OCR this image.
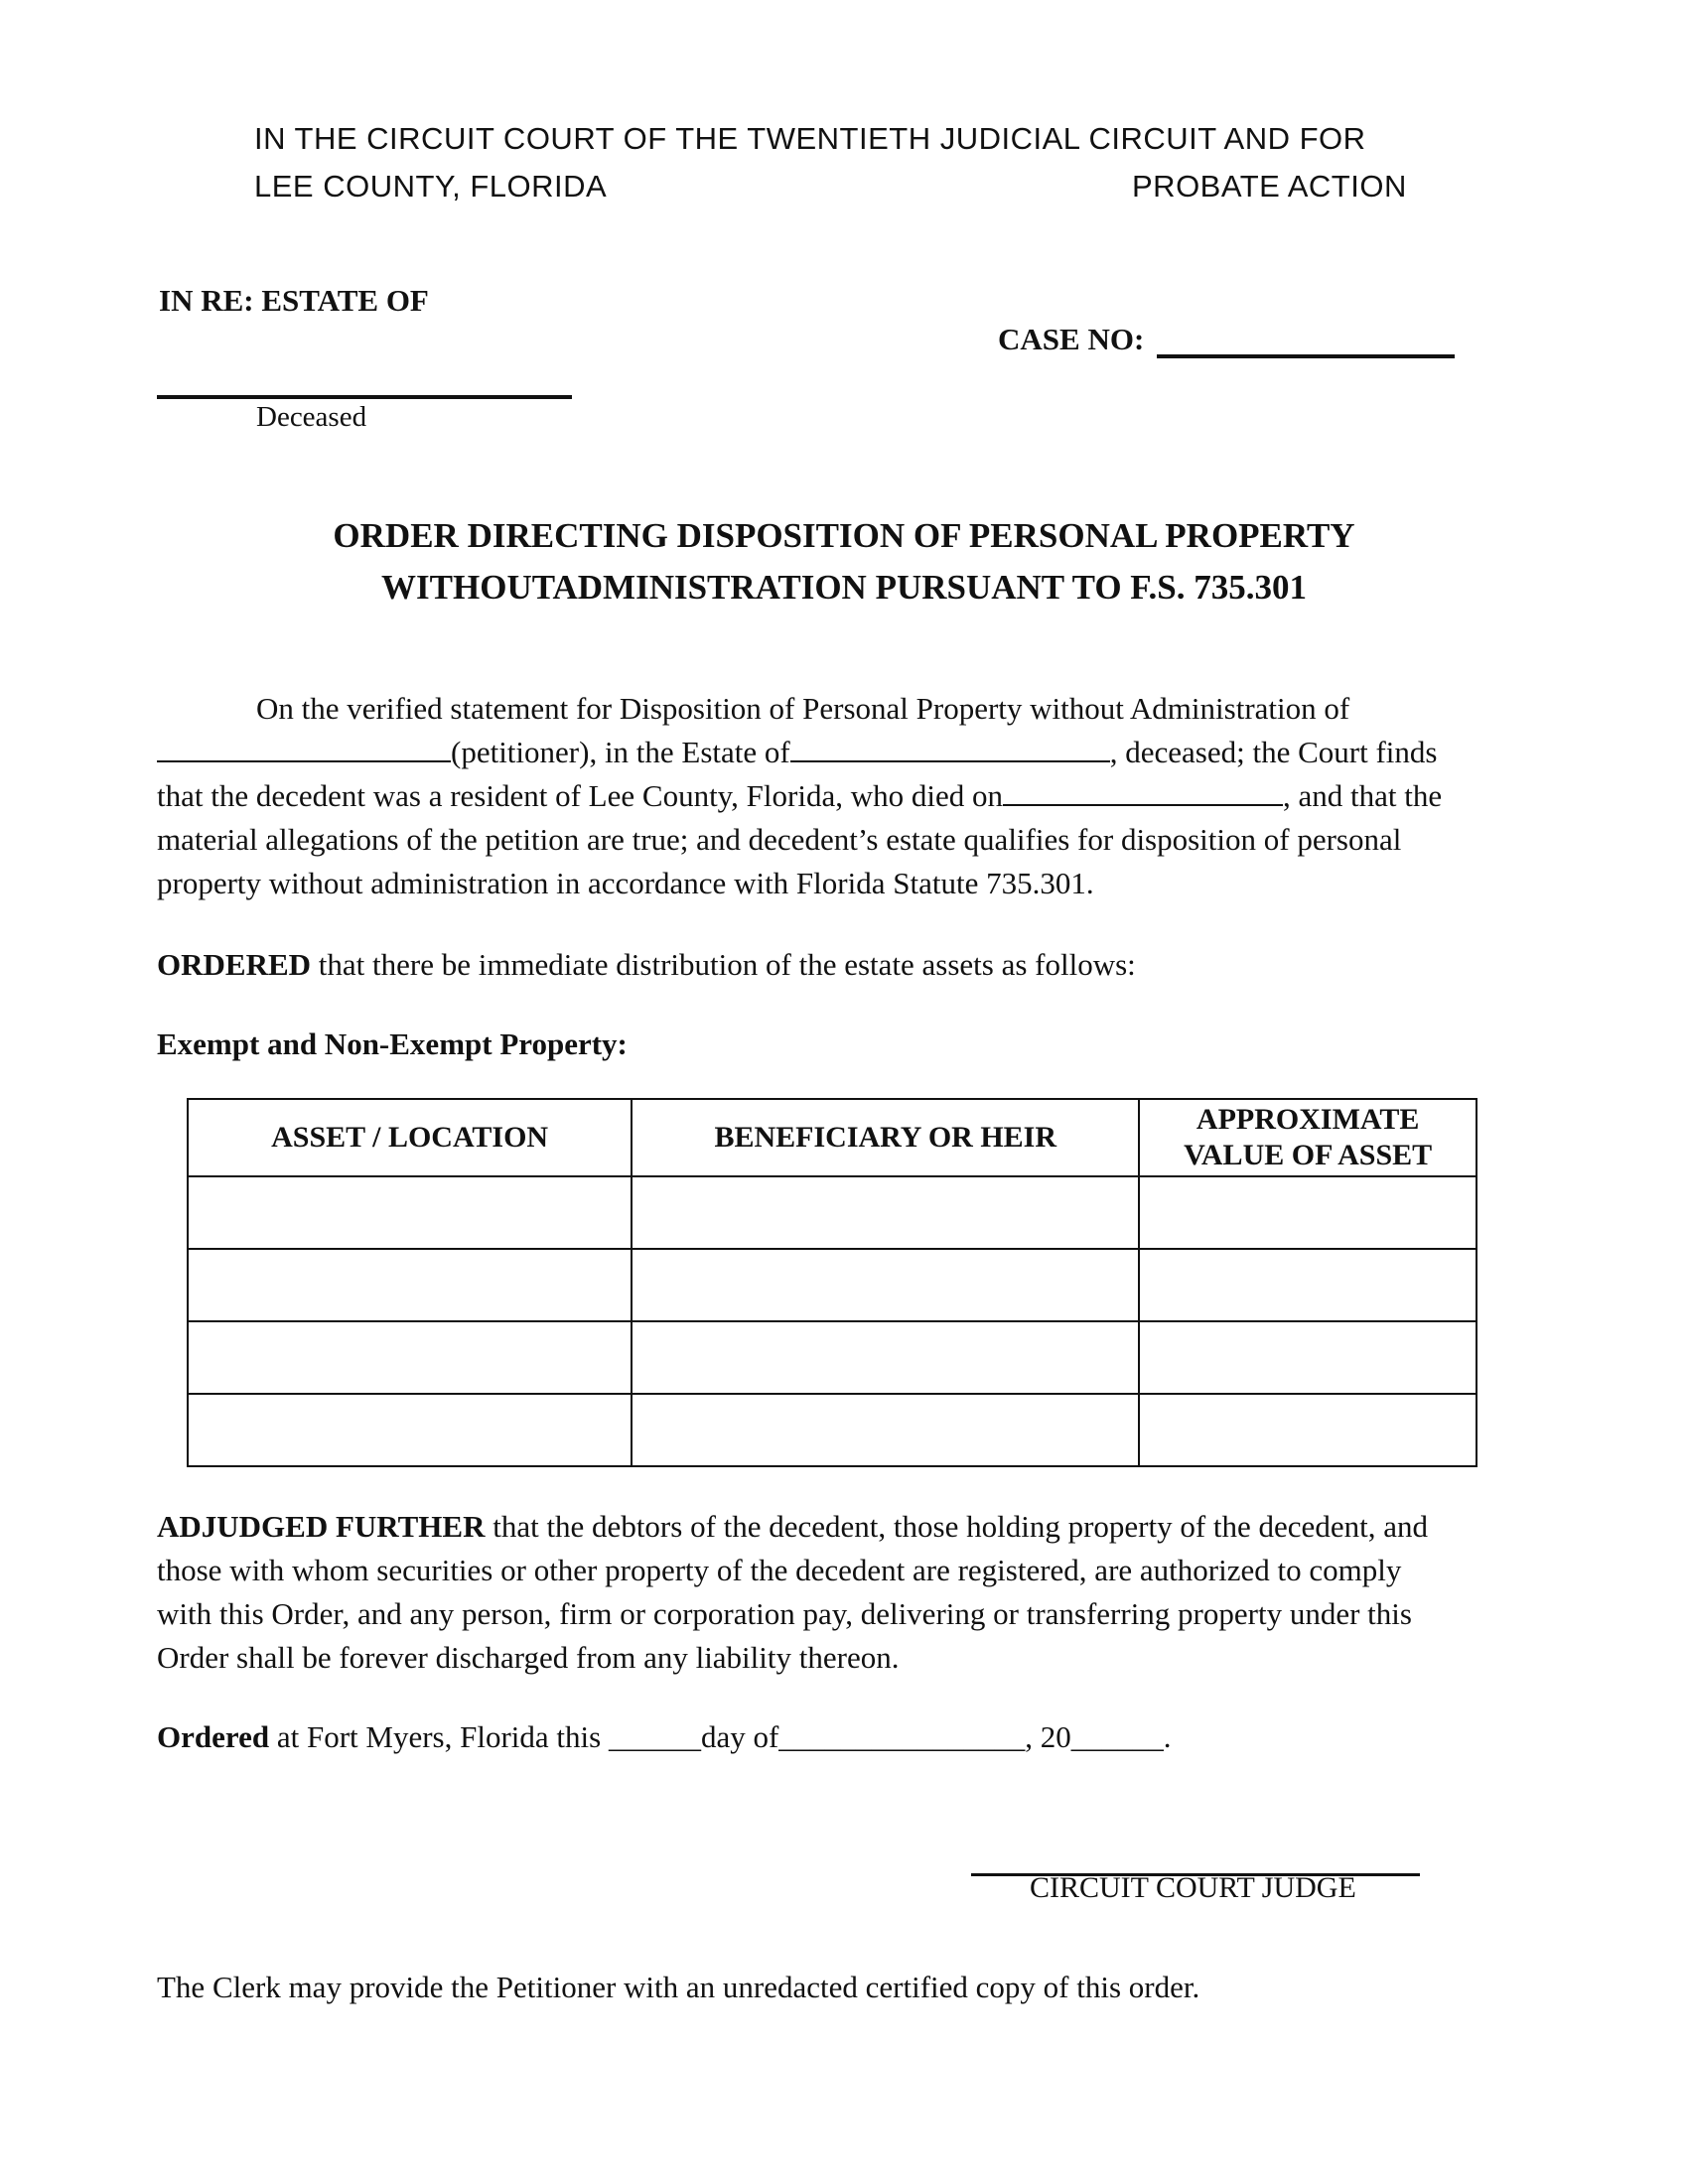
IN THE CIRCUIT COURT OF THE TWENTIETH JUDICIAL CIRCUIT AND FOR
LEE COUNTY, FLORIDA	PROBATE ACTION
IN RE: ESTATE OF
CASE NO:
Deceased
ORDER DIRECTING DISPOSITION OF PERSONAL PROPERTY
WITHOUTADMINISTRATION PURSUANT TO F.S. 735.301
On the verified statement for Disposition of Personal Property without Administration of
(petitioner), in the Estate of	, deceased; the Court finds
that the decedent was a resident of Lee County, Florida, who died on	, and that the
material allegations of the petition are true; and decedent’s estate qualifies for disposition of personal
property without administration in accordance with Florida Statute 735.301.
ORDERED that there be immediate distribution of the estate assets as follows:
Exempt and Non-Exempt Property:
ASSET / LOCATION	BENEFICIARY OR HEIR	APPROXIMATE
VALUE OF ASSET

ADJUDGED FURTHER that the debtors of the decedent, those holding property of the decedent, and
those with whom securities or other property of the decedent are registered, are authorized to comply
with this Order, and any person, firm or corporation pay, delivering or transferring property under this
Order shall be forever discharged from any liability thereon.
Ordered at Fort Myers, Florida this ______day of________________, 20______.
CIRCUIT COURT JUDGE
The Clerk may provide the Petitioner with an unredacted certified copy of this order.
